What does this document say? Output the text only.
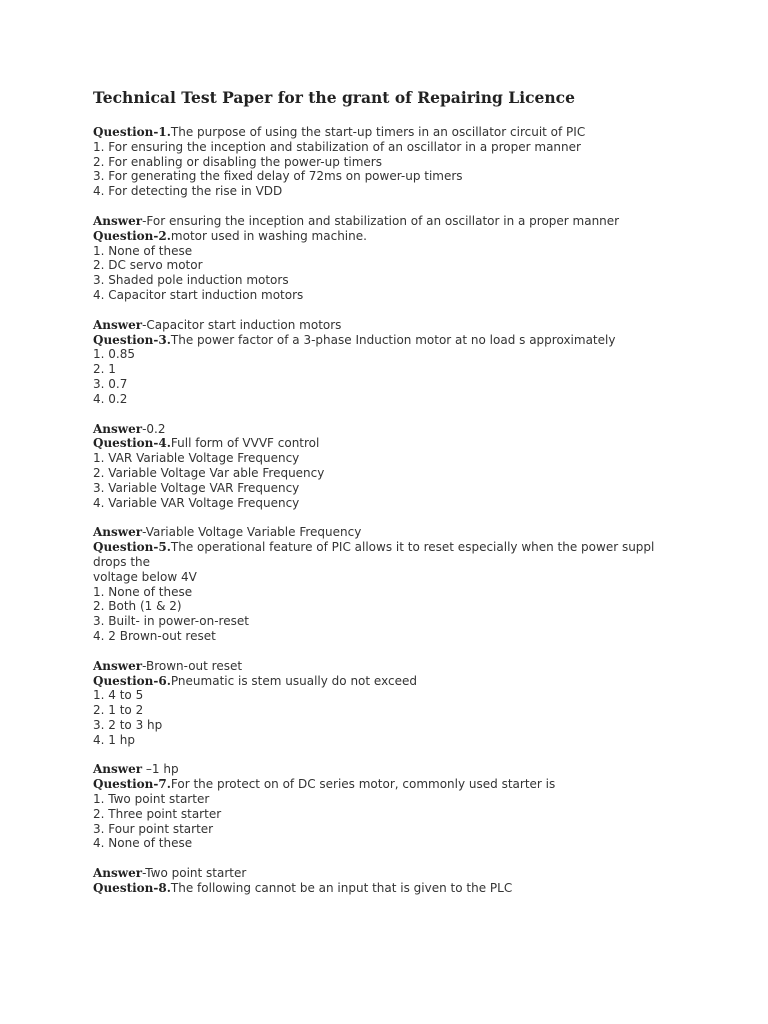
Technical Test Paper for the grant of Repairing Licence
Question-1.The purpose of using the start-up timers in an oscillator circuit of PIC
1. For ensuring the inception and stabilization of an oscillator in a proper manner
2. For enabling or disabling the power-up timers
3. For generating the fixed delay of 72ms on power-up timers
4. For detecting the rise in VDD
Answer-For ensuring the inception and stabilization of an oscillator in a proper manner
Question-2.motor used in washing machine.
1. None of these
2. DC servo motor
3. Shaded pole induction motors
4. Capacitor start induction motors
Answer-Capacitor start induction motors
Question-3.The power factor of a 3-phase Induction motor at no load s approximately
1. 0.85
2. 1
3. 0.7
4. 0.2
Answer-0.2
Question-4.Full form of VVVF control
1. VAR Variable Voltage Frequency
2. Variable Voltage Var able Frequency
3. Variable Voltage VAR Frequency
4. Variable VAR Voltage Frequency
Answer-Variable Voltage Variable Frequency
Question-5.The operational feature of PIC allows it to reset especially when the power suppl
drops the
voltage below 4V
1. None of these
2. Both (1 & 2)
3. Built- in power-on-reset
4. 2 Brown-out reset
Answer-Brown-out reset
Question-6.Pneumatic is stem usually do not exceed
1. 4 to 5
2. 1 to 2
3. 2 to 3 hp
4. 1 hp
Answer –1 hp
Question-7.For the protect on of DC series motor, commonly used starter is
1. Two point starter
2. Three point starter
3. Four point starter
4. None of these
Answer-Two point starter
Question-8.The following cannot be an input that is given to the PLC
